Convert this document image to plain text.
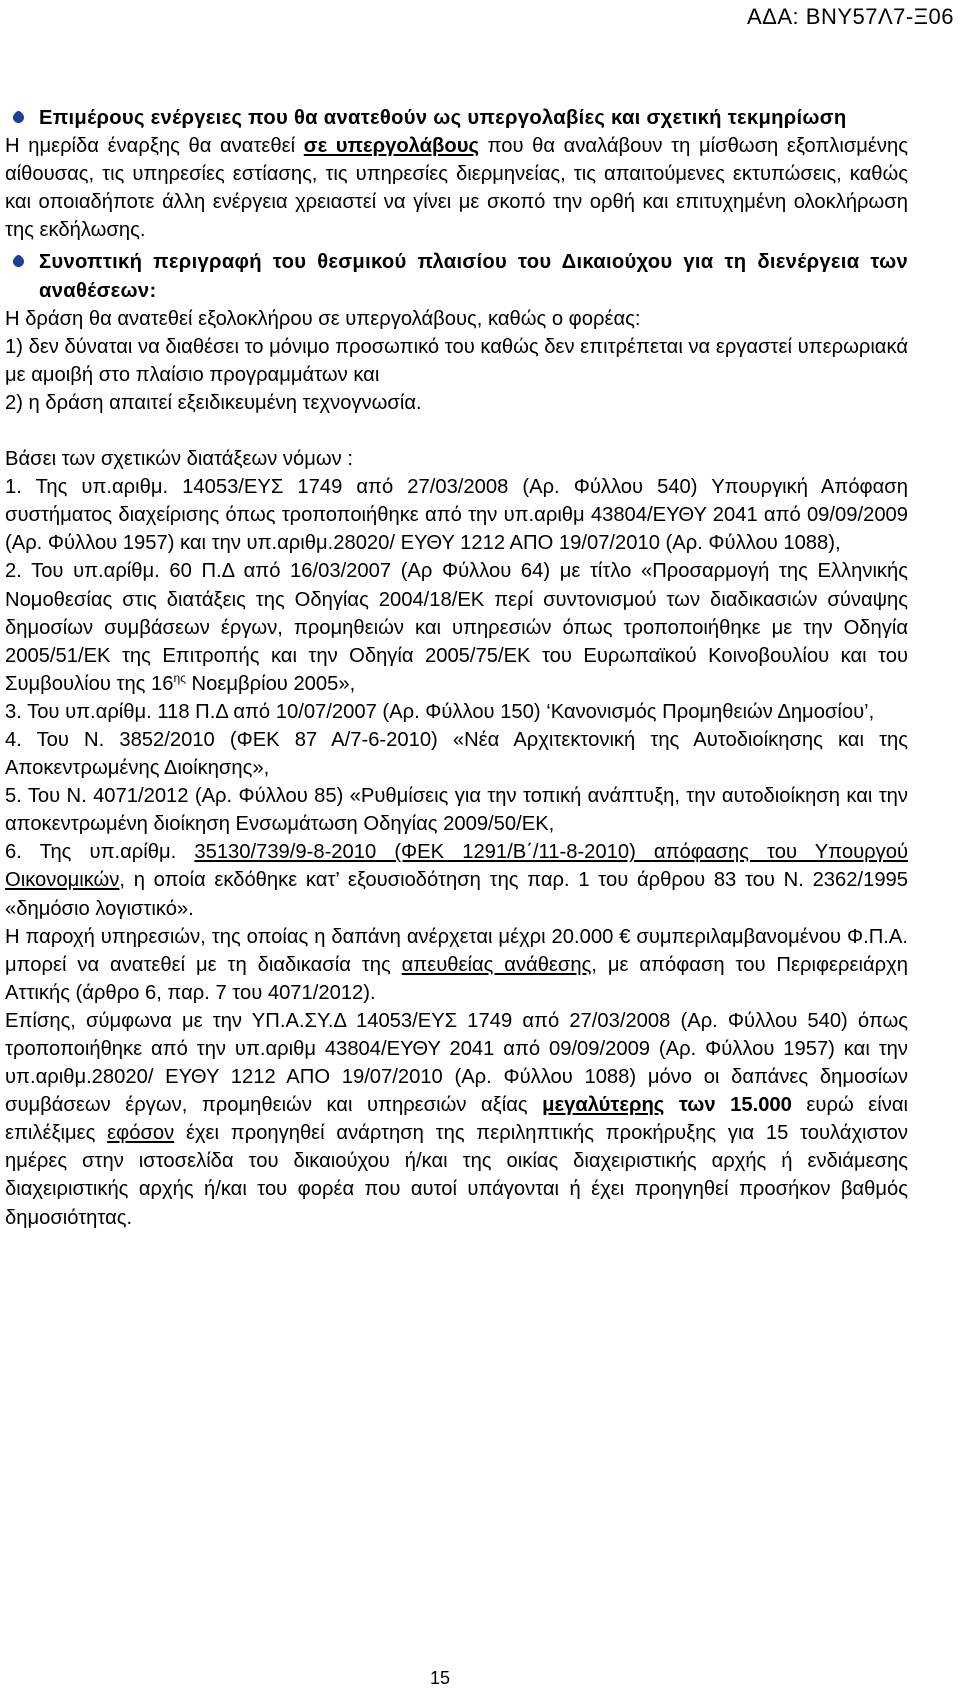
ΑΔΑ: ΒΝΥ57Λ7-Ξ06
Επιμέρους ενέργειες που θα ανατεθούν ως υπεργολαβίες και σχετική τεκμηρίωση

Η ημερίδα έναρξης θα ανατεθεί σε υπεργολάβους που θα αναλάβουν τη μίσθωση εξοπλισμένης αίθουσας, τις υπηρεσίες εστίασης, τις υπηρεσίες διερμηνείας, τις απαιτούμενες εκτυπώσεις, καθώς και οποιαδήποτε άλλη ενέργεια χρειαστεί να γίνει με σκοπό την ορθή και επιτυχημένη ολοκλήρωση της εκδήλωσης.

Συνοπτική περιγραφή του θεσμικού πλαισίου του Δικαιούχου για τη διενέργεια των αναθέσεων:

Η δράση θα ανατεθεί εξολοκλήρου σε υπεργολάβους, καθώς ο φορέας:

1) δεν δύναται να διαθέσει το μόνιμο προσωπικό του καθώς δεν επιτρέπεται να εργαστεί υπερωριακά με αμοιβή στο πλαίσιο προγραμμάτων και

2) η δράση απαιτεί εξειδικευμένη τεχνογνωσία.

Βάσει των σχετικών διατάξεων νόμων :

1. Της υπ.αριθμ. 14053/ΕΥΣ 1749 από 27/03/2008 (Αρ. Φύλλου 540) Υπουργική Απόφαση συστήματος διαχείρισης όπως τροποποιήθηκε από την υπ.αριθμ 43804/ΕΥΘΥ 2041 από 09/09/2009 (Αρ. Φύλλου 1957) και την υπ.αριθμ.28020/ ΕΥΘΥ 1212 ΑΠΟ 19/07/2010 (Αρ. Φύλλου 1088),

2. Του υπ.αρίθμ. 60 Π.Δ από 16/03/2007 (Αρ Φύλλου 64) με τίτλο «Προσαρμογή της Ελληνικής Νομοθεσίας στις διατάξεις της Οδηγίας 2004/18/ΕΚ περί συντονισμού των διαδικασιών σύναψης δημοσίων συμβάσεων έργων, προμηθειών και υπηρεσιών όπως τροποποιήθηκε με την Οδηγία 2005/51/ΕΚ της Επιτροπής και την Οδηγία 2005/75/ΕΚ του Ευρωπαϊκού Κοινοβουλίου και του Συμβουλίου της $16^{\eta\varsigma}$ Νοεμβρίου 2005»,

3. Του υπ.αρίθμ. 118 Π.Δ από 10/07/2007 (Αρ. Φύλλου 150) ‘Κανονισμός Προμηθειών Δημοσίου’,

4. Του Ν. 3852/2010 (ΦΕΚ 87 Α/7-6-2010) «Νέα Αρχιτεκτονική της Αυτοδιοίκησης και της Αποκεντρωμένης Διοίκησης»,

5. Του Ν. 4071/2012 (Αρ. Φύλλου 85) «Ρυθμίσεις για την τοπική ανάπτυξη, την αυτοδιοίκηση και την αποκεντρωμένη διοίκηση Ενσωμάτωση Οδηγίας 2009/50/ΕΚ,

6. Της υπ.αρίθμ. 35130/739/9-8-2010 (ΦΕΚ 1291/Β΄/11-8-2010) απόφασης του Υπουργού Οικονομικών, η οποία εκδόθηκε κατ’ εξουσιοδότηση της παρ. 1 του άρθρου 83 του Ν. 2362/1995 «δημόσιο λογιστικό».

Η παροχή υπηρεσιών, της οποίας η δαπάνη ανέρχεται μέχρι 20.000 € συμπεριλαμβανομένου Φ.Π.Α. μπορεί να ανατεθεί με τη διαδικασία της απευθείας ανάθεσης, με απόφαση του Περιφερειάρχη Αττικής (άρθρο 6, παρ. 7 του 4071/2012).

Επίσης, σύμφωνα με την ΥΠ.Α.ΣΥ.Δ 14053/ΕΥΣ 1749 από 27/03/2008 (Αρ. Φύλλου 540) όπως τροποποιήθηκε από την υπ.αριθμ 43804/ΕΥΘΥ 2041 από 09/09/2009 (Αρ. Φύλλου 1957) και την υπ.αριθμ.28020/ ΕΥΘΥ 1212 ΑΠΟ 19/07/2010 (Αρ. Φύλλου 1088) μόνο οι δαπάνες δημοσίων συμβάσεων έργων, προμηθειών και υπηρεσιών αξίας μεγαλύτερης των 15.000 ευρώ είναι επιλέξιμες εφόσον έχει προηγηθεί ανάρτηση της περιληπτικής προκήρυξης για 15 τουλάχιστον ημέρες στην ιστοσελίδα του δικαιούχου ή/και της οικίας διαχειριστικής αρχής ή ενδιάμεσης διαχειριστικής αρχής ή/και του φορέα που αυτοί υπάγονται ή έχει προηγηθεί προσήκον βαθμός δημοσιότητας.

15
